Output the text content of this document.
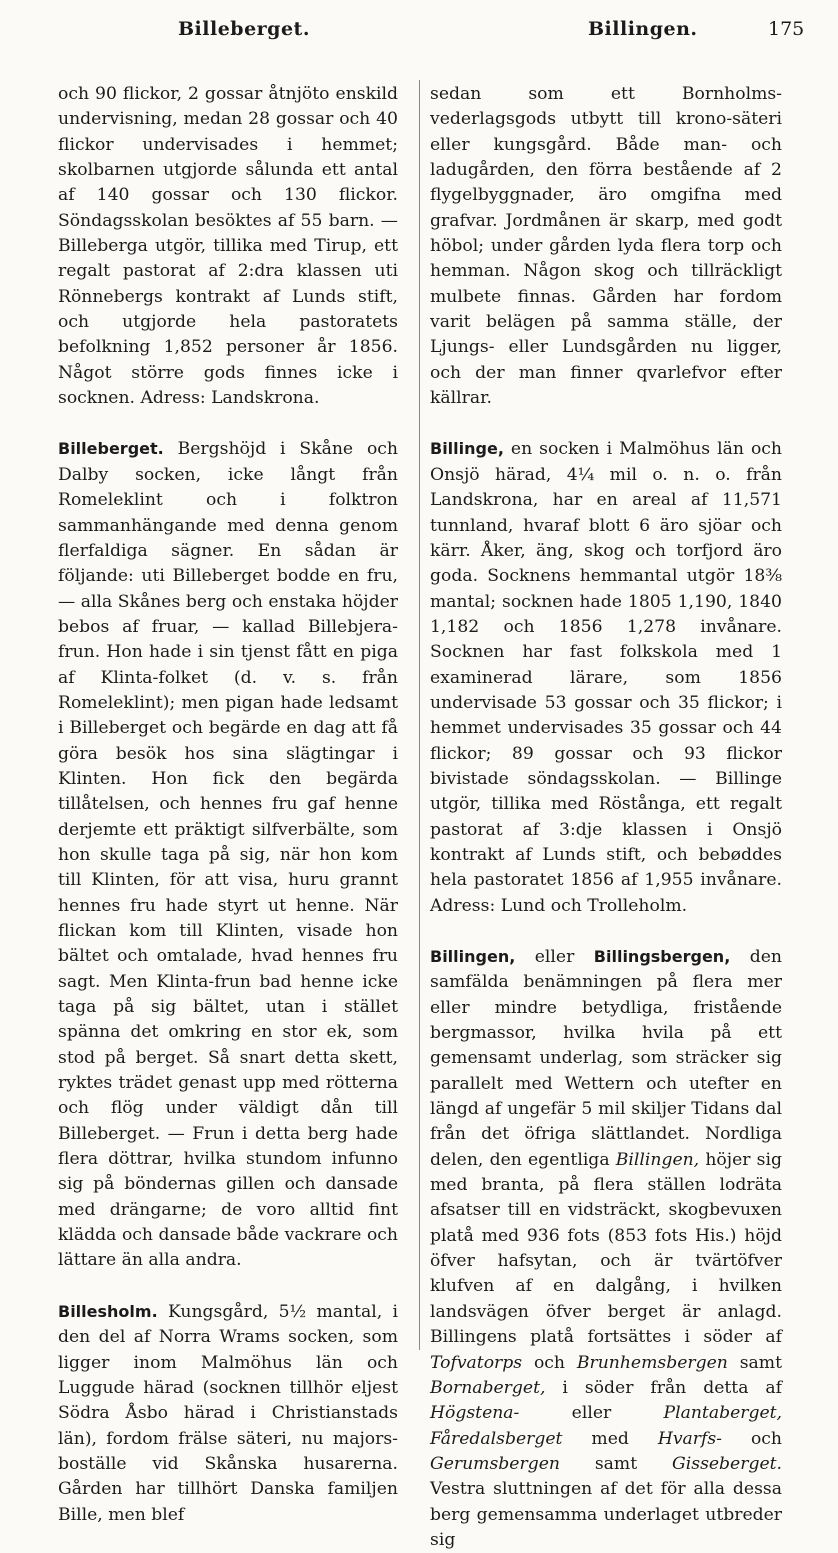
Billeberget.	Billingen.	175

och 90 flickor, 2 gossar åtnjöto enskild undervisning, medan 28 gossar och 40 flickor undervisades i hemmet; skolbarnen utgjorde sålunda ett antal af 140 gossar och 130 flickor. Söndagsskolan besöktes af 55 barn. — Billeberga utgör, tillika med Tirup, ett regalt pastorat af 2:dra klassen uti Rönnebergs kontrakt af Lunds stift, och utgjorde hela pastoratets befolkning 1,852 personer år 1856. Något större gods finnes icke i socknen. Adress: Landskrona.

Billeberget. Bergshöjd i Skåne och Dalby socken, icke långt från Romeleklint och i folktron sammanhängande med denna genom flerfaldiga sägner. En sådan är följande: uti Billeberget bodde en fru, — alla Skånes berg och enstaka höjder bebos af fruar, — kallad Billebjera-frun. Hon hade i sin tjenst fått en piga af Klinta-folket (d. v. s. från Romeleklint); men pigan hade ledsamt i Billeberget och begärde en dag att få göra besök hos sina slägtingar i Klinten. Hon fick den begärda tillåtelsen, och hennes fru gaf henne derjemte ett präktigt silfverbälte, som hon skulle taga på sig, när hon kom till Klinten, för att visa, huru grannt hennes fru hade styrt ut henne. När flickan kom till Klinten, visade hon bältet och omtalade, hvad hennes fru sagt. Men Klinta-frun bad henne icke taga på sig bältet, utan i stället spänna det omkring en stor ek, som stod på berget. Så snart detta skett, ryktes trädet genast upp med rötterna och flög under väldigt dån till Billeberget. — Frun i detta berg hade flera döttrar, hvilka stundom infunno sig på böndernas gillen och dansade med drängarne; de voro alltid fint klädda och dansade både vackrare och lättare än alla andra.

Billesholm. Kungsgård, 5½ mantal, i den del af Norra Wrams socken, som ligger inom Malmöhus län och Luggude härad (socknen tillhör eljest Södra Åsbo härad i Christianstads län), fordom frälse säteri, nu majors-boställe vid Skånska husarerna. Gården har tillhört Danska familjen Bille, men blef

sedan som ett Bornholms-vederlagsgods utbytt till krono-säteri eller kungsgård. Både man- och ladugården, den förra bestående af 2 flygelbyggnader, äro omgifna med grafvar. Jordmånen är skarp, med godt höbol; under gården lyda flera torp och hemman. Någon skog och tillräckligt mulbete finnas. Gården har fordom varit belägen på samma ställe, der Ljungs- eller Lundsgården nu ligger, och der man finner qvarlefvor efter källrar.

Billinge, en socken i Malmöhus län och Onsjö härad, 4¼ mil o. n. o. från Landskrona, har en areal af 11,571 tunnland, hvaraf blott 6 äro sjöar och kärr. Åker, äng, skog och torfjord äro goda. Socknens hemmantal utgör 18⅜ mantal; socknen hade 1805 1,190, 1840 1,182 och 1856 1,278 invånare. Socknen har fast folkskola med 1 examinerad lärare, som 1856 undervisade 53 gossar och 35 flickor; i hemmet undervisades 35 gossar och 44 flickor; 89 gossar och 93 flickor bivistade söndagsskolan. — Billinge utgör, tillika med Röstånga, ett regalt pastorat af 3:dje klassen i Onsjö kontrakt af Lunds stift, och bebøddes hela pastoratet 1856 af 1,955 invånare. Adress: Lund och Trolleholm.

Billingen, eller Billingsbergen, den samfälda benämningen på flera mer eller mindre betydliga, fristående bergmassor, hvilka hvila på ett gemensamt underlag, som sträcker sig parallelt med Wettern och utefter en längd af ungefär 5 mil skiljer Tidans dal från det öfriga slättlandet. Nordliga delen, den egentliga Billingen, höjer sig med branta, på flera ställen lodräta afsatser till en vidsträckt, skogbevuxen platå med 936 fots (853 fots His.) höjd öfver hafsytan, och är tvärtöfver klufven af en dalgång, i hvilken landsvägen öfver berget är anlagd. Billingens platå fortsättes i söder af Tofvatorps och Brunhemsbergen samt Bornaberget, i söder från detta af Högstena- eller Plantaberget, Fåredalsberget med Hvarfs- och Gerumsbergen samt Gisseberget. Vestra sluttningen af det för alla dessa berg gemensamma underlaget utbreder sig
